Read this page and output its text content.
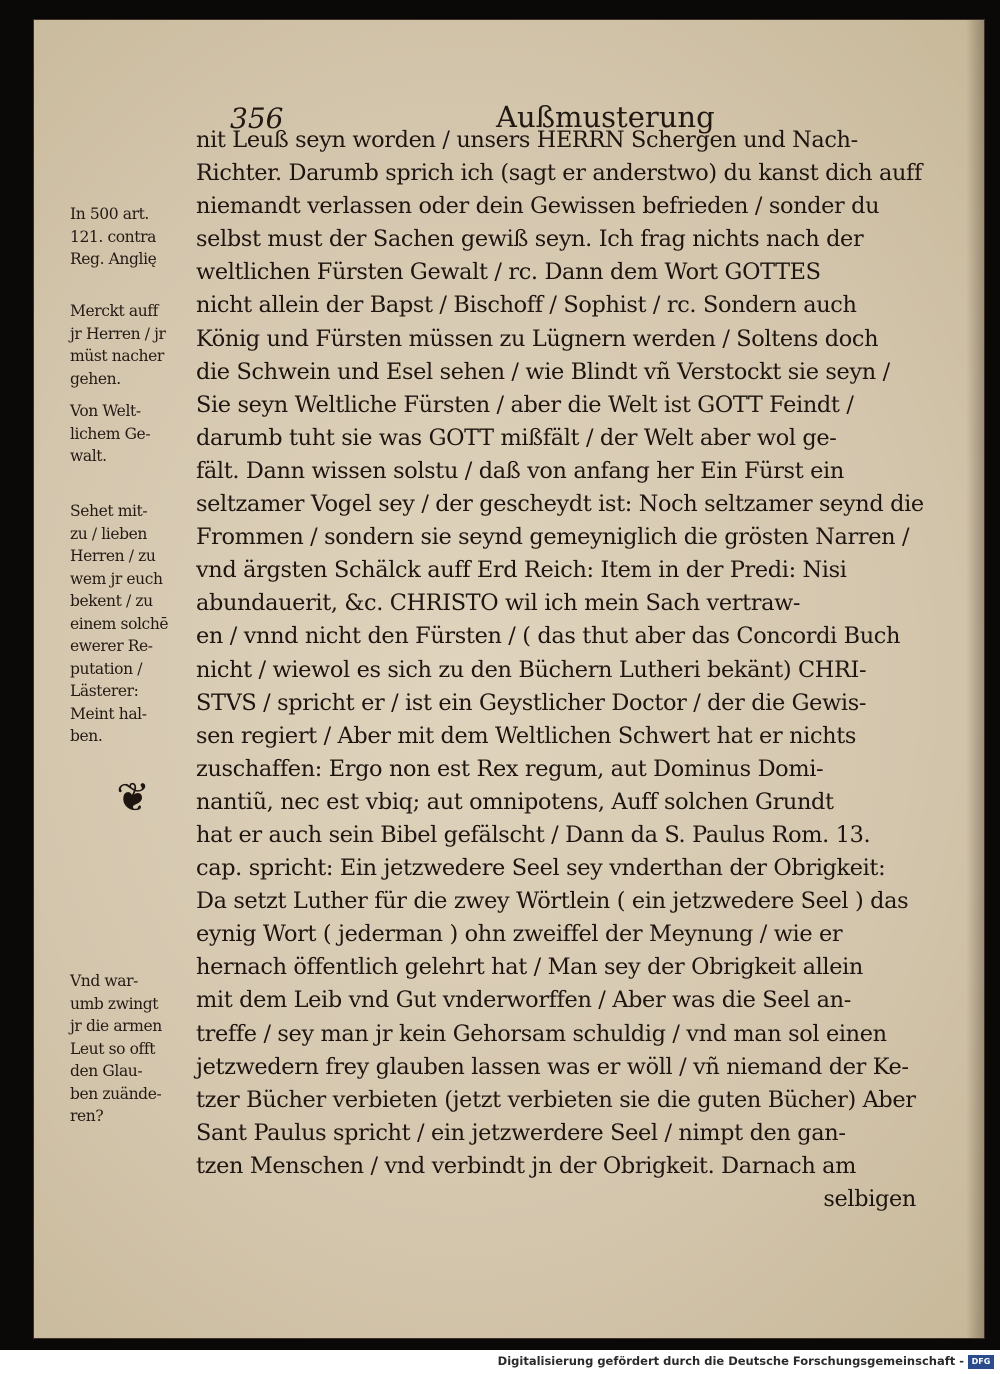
356	Außmusterung
nit Leuß seyn worden / unsers HERRN Schergen und Nach-
Richter. Darumb sprich ich (sagt er anderstwo) du kanst dich auff
niemandt verlassen oder dein Gewissen befrieden / sonder du
selbst must der Sachen gewiß seyn. Ich frag nichts nach der
weltlichen Fürsten Gewalt / rc. Dann dem Wort GOTTES
nicht allein der Bapst / Bischoff / Sophist / rc. Sondern auch
König und Fürsten müssen zu Lügnern werden / Soltens doch
die Schwein und Esel sehen / wie Blindt vñ Verstockt sie seyn /
Sie seyn Weltliche Fürsten / aber die Welt ist GOTT Feindt /
darumb tuht sie was GOTT mißfält / der Welt aber wol ge-
fält. Dann wissen solstu / daß von anfang her Ein Fürst ein
seltzamer Vogel sey / der gescheydt ist: Noch seltzamer seynd die
Frommen / sondern sie seynd gemeyniglich die grösten Narren /
vnd ärgsten Schälck auff Erd Reich: Item in der Predi: Nisi
abundauerit, &c. CHRISTO wil ich mein Sach vertraw-
en / vnnd nicht den Fürsten / ( das thut aber das Concordi Buch
nicht / wiewol es sich zu den Büchern Lutheri bekänt) CHRI-
STVS / spricht er / ist ein Geystlicher Doctor / der die Gewis-
sen regiert / Aber mit dem Weltlichen Schwert hat er nichts
zuschaffen: Ergo non est Rex regum, aut Dominus Domi-
nantiũ, nec est vbiq; aut omnipotens, Auff solchen Grundt
hat er auch sein Bibel gefälscht / Dann da S. Paulus Rom. 13.
cap. spricht: Ein jetzwedere Seel sey vnderthan der Obrigkeit:
Da setzt Luther für die zwey Wörtlein ( ein jetzwedere Seel ) das
eynig Wort ( jederman ) ohn zweiffel der Meynung / wie er
hernach öffentlich gelehrt hat / Man sey der Obrigkeit allein
mit dem Leib vnd Gut vnderworffen / Aber was die Seel an-
treffe / sey man jr kein Gehorsam schuldig / vnd man sol einen
jetzwedern frey glauben lassen was er wöll / vñ niemand der Ke-
tzer Bücher verbieten (jetzt verbieten sie die guten Bücher) Aber
Sant Paulus spricht / ein jetzwerdere Seel / nimpt den gan-
tzen Menschen / vnd verbindt jn der Obrigkeit. Darnach am
selbigen
In 500 art.
121. contra
Reg. Anglię
Merckt auff
jr Herren / jr
müst nacher
gehen.
Von Welt-
lichem Ge-
walt.
Sehet mit-
zu / lieben
Herren / zu
wem jr euch
bekent / zu
einem solchē
ewerer Re-
putation /
Lästerer:
Meint hal-
ben.
❦
Vnd war-
umb zwingt
jr die armen
Leut so offt
den Glau-
ben zuände-
ren?
Digitalisierung gefördert durch die Deutsche Forschungsgemeinschaft - DFG
